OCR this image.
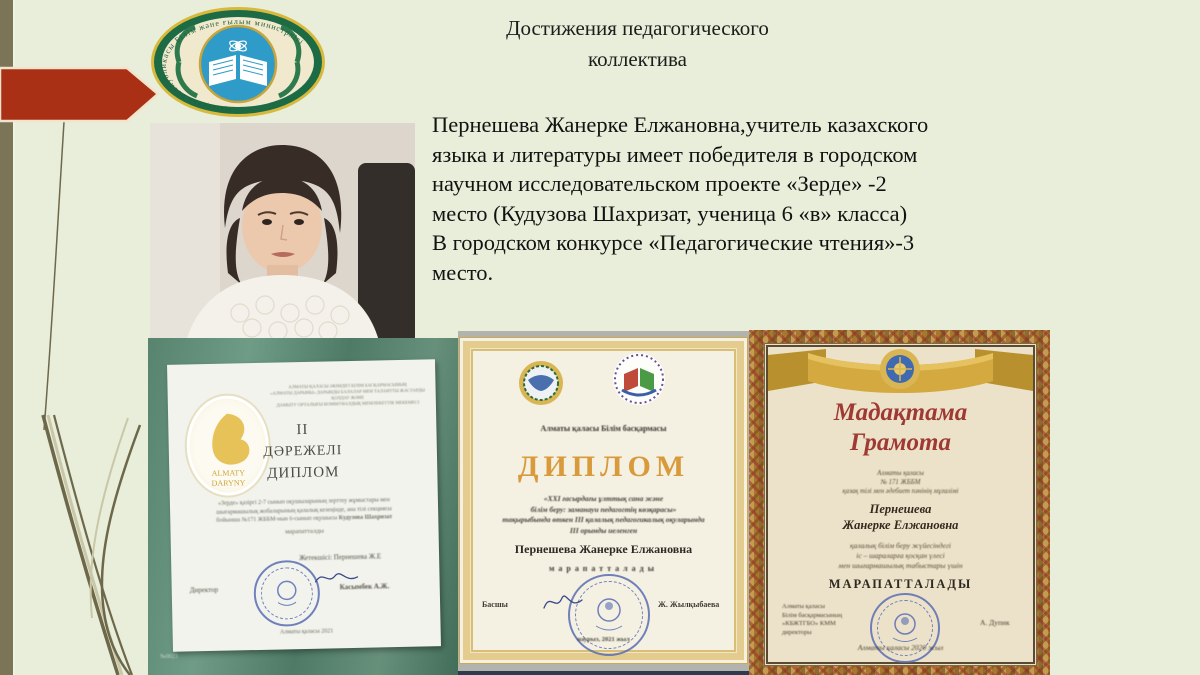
Қазақстан Республикасы Білім және ғылым министрлігі
Достижения педагогического
коллектива
Пернешева Жанерке Елжановна,учитель казахского
языка и литературы имеет победителя в городском
научном исследовательском проекте «Зерде» -2
место (Кудузова Шахризат, ученица 6 «в» класса)
В городском конкурсе «Педагогические чтения»-3
место.
№0023
АЛМАТЫ ҚАЛАСЫ ӘКІМДІГІ БІЛІМ БАСҚАРМАСЫНЫҢ
«АЛМАТЫ ДАРЫНЫ» ДАРЫНДЫ БАЛАЛАР МЕН ТАЛАНТТЫ ЖАСТАРДЫ ҚОЛДАУ ЖӘНЕ
ДАМЫТУ ОРТАЛЫҒЫ КОММУНАЛДЫҚ МЕМЛЕКЕТТІК МЕКЕМЕСІ
ALMATY
DARYNY
II
ДӘРЕЖЕЛІ
ДИПЛОМ
«Зерде» қазіргі 2-7 сынып оқушыларының зерттеу жұмыстары мен
шығармашылық жобаларының қалалық кезеңінде, ана тілі секциясы
бойынша №171 ЖББМ-нын 6-сынып оқушысы Кудузова Шахризат
марапатталды
Жетекшісі: Пернешева Ж.Е
Директор	Касымбек А.Ж.
Алматы қаласы 2021
Алматы қаласы Білім басқармасы
ДИПЛОМ
«XXI ғасырдағы ұлттық сана және
білім беру: заманауи педагогтің көзқарасы»
тақырыбында өткен III қалалық педагогикалық оқуларында
III орынды иеленген
Пернешева Жанерке Елжановна
марапатталады
Басшы	Ж. Жылқыбаева
наурыз, 2021 жыл
Мадақтама
Грамота
Алматы қаласы
№ 171 ЖББМ
қазақ тілі мен әдебиет пәнінің мұғалімі
Пернешева
Жанерке Елжановна
қалалық білім беру жүйесіндегі
іс – шараларға қосқан үлесі
мен шығармашылық табыстары үшін
МАРАПАТТАЛАДЫ
Алматы қаласы
Білім басқармасының
«КБЖТГБО» КММ
директоры
А. Дупик
Алматы қаласы 2020 жыл
